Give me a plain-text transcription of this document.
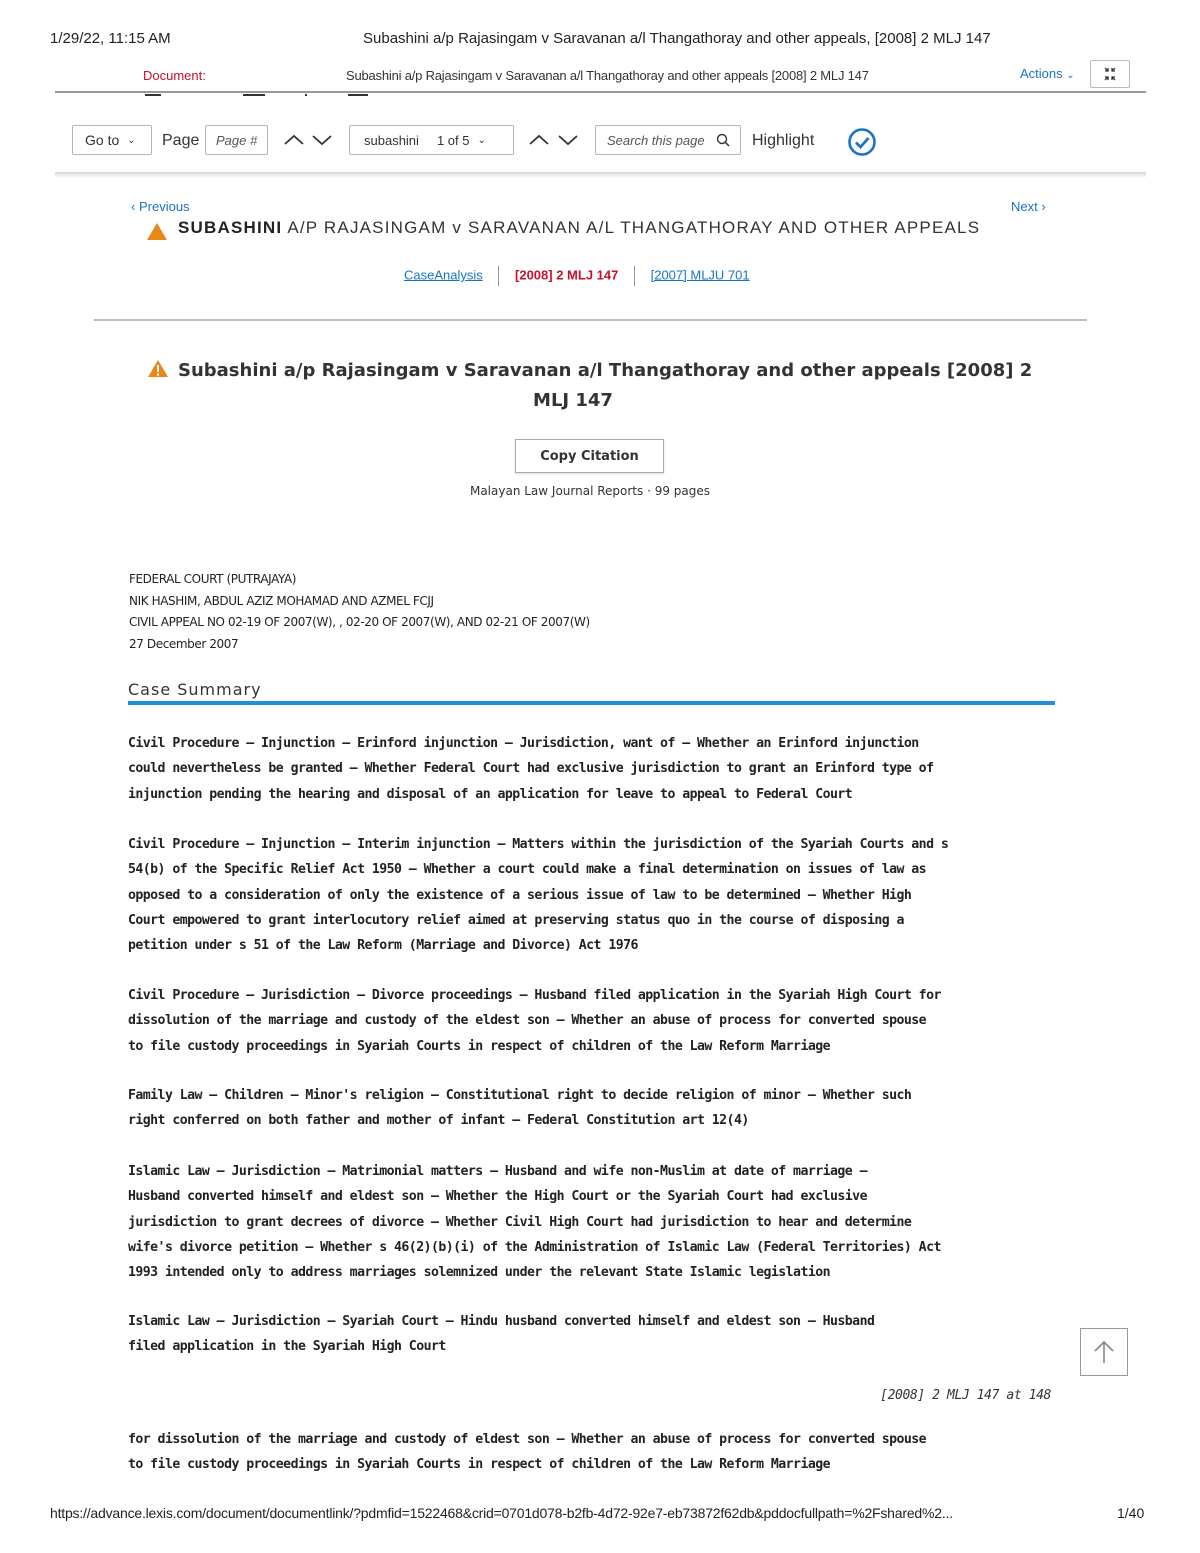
1/29/22, 11:15 AM	Subashini a/p Rajasingam v Saravanan a/l Thangathoray and other appeals, [2008] 2 MLJ 147
Document:	Subashini a/p Rajasingam v Saravanan a/l Thangathoray and other appeals [2008] 2 MLJ 147	Actions ⌄
Go to ⌄ Page Page #	subashini 1 of 5 ⌄	Search this page	Highlight
‹ Previous	Next ›
SUBASHINI A/P RAJASINGAM v SARAVANAN A/L THANGATHORAY AND OTHER APPEALS
CaseAnalysis [2008] 2 MLJ 147 [2007] MLJU 701
Subashini a/p Rajasingam v Saravanan a/l Thangathoray and other appeals [2008] 2
MLJ 147
Copy Citation
Malayan Law Journal Reports · 99 pages
FEDERAL COURT (PUTRAJAYA)
NIK HASHIM, ABDUL AZIZ MOHAMAD AND AZMEL FCJJ
CIVIL APPEAL NO 02-19 OF 2007(W), , 02-20 OF 2007(W), AND 02-21 OF 2007(W)
27 December 2007
Case Summary
Civil Procedure — Injunction — Erinford injunction — Jurisdiction, want of — Whether an Erinford injunction
could nevertheless be granted — Whether Federal Court had exclusive jurisdiction to grant an Erinford type of
injunction pending the hearing and disposal of an application for leave to appeal to Federal Court
Civil Procedure — Injunction — Interim injunction — Matters within the jurisdiction of the Syariah Courts and s
54(b) of the Specific Relief Act 1950 — Whether a court could make a final determination on issues of law as
opposed to a consideration of only the existence of a serious issue of law to be determined — Whether High
Court empowered to grant interlocutory relief aimed at preserving status quo in the course of disposing a
petition under s 51 of the Law Reform (Marriage and Divorce) Act 1976
Civil Procedure — Jurisdiction — Divorce proceedings — Husband filed application in the Syariah High Court for
dissolution of the marriage and custody of the eldest son — Whether an abuse of process for converted spouse
to file custody proceedings in Syariah Courts in respect of children of the Law Reform Marriage
Family Law — Children — Minor's religion — Constitutional right to decide religion of minor — Whether such
right conferred on both father and mother of infant — Federal Constitution art 12(4)
Islamic Law — Jurisdiction — Matrimonial matters — Husband and wife non-Muslim at date of marriage —
Husband converted himself and eldest son — Whether the High Court or the Syariah Court had exclusive
jurisdiction to grant decrees of divorce — Whether Civil High Court had jurisdiction to hear and determine
wife's divorce petition — Whether s 46(2)(b)(i) of the Administration of Islamic Law (Federal Territories) Act
1993 intended only to address marriages solemnized under the relevant State Islamic legislation
Islamic Law — Jurisdiction — Syariah Court — Hindu husband converted himself and eldest son — Husband
filed application in the Syariah High Court
[2008] 2 MLJ 147 at 148
for dissolution of the marriage and custody of eldest son — Whether an abuse of process for converted spouse
to file custody proceedings in Syariah Courts in respect of children of the Law Reform Marriage
https://advance.lexis.com/document/documentlink/?pdmfid=1522468&crid=0701d078-b2fb-4d72-92e7-eb73872f62db&pddocfullpath=%2Fshared%2...	1/40
